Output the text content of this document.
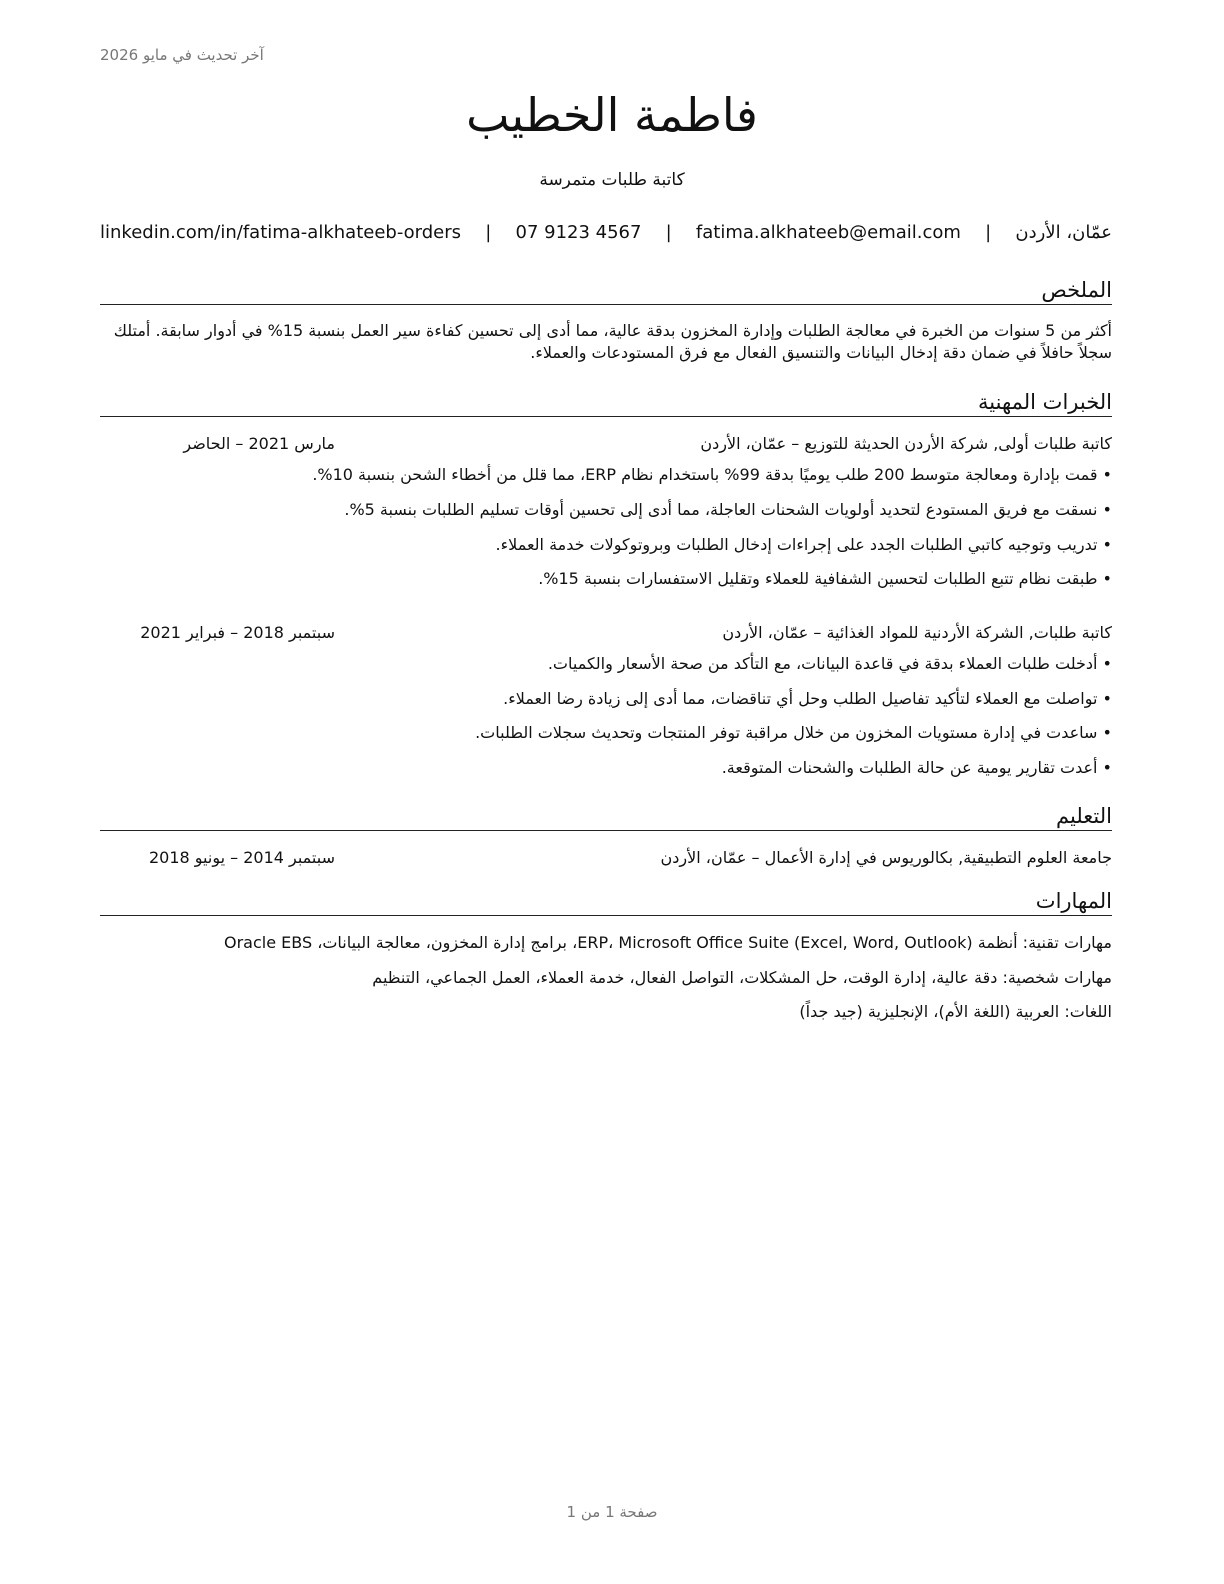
آخر تحديث في مايو 2026
فاطمة الخطيب
كاتبة طلبات متمرسة
عمّان، الأردن
|
fatima.alkhateeb@email.com
|
07 9123 4567
|
linkedin.com/in/fatima-alkhateeb-orders
الملخص
أكثر من 5 سنوات من الخبرة في معالجة الطلبات وإدارة المخزون بدقة عالية، مما أدى إلى تحسين كفاءة سير العمل بنسبة 15% في أدوار سابقة. أمتلك سجلاً حافلاً في ضمان دقة إدخال البيانات والتنسيق الفعال مع فرق المستودعات والعملاء.
الخبرات المهنية
كاتبة طلبات أولى, شركة الأردن الحديثة للتوزيع – عمّان، الأردن
مارس 2021 – الحاضر
• قمت بإدارة ومعالجة متوسط 200 طلب يوميًا بدقة 99% باستخدام نظام ERP، مما قلل من أخطاء الشحن بنسبة 10%.
• نسقت مع فريق المستودع لتحديد أولويات الشحنات العاجلة، مما أدى إلى تحسين أوقات تسليم الطلبات بنسبة 5%.
• تدريب وتوجيه كاتبي الطلبات الجدد على إجراءات إدخال الطلبات وبروتوكولات خدمة العملاء.
• طبقت نظام تتبع الطلبات لتحسين الشفافية للعملاء وتقليل الاستفسارات بنسبة 15%.
كاتبة طلبات, الشركة الأردنية للمواد الغذائية – عمّان، الأردن
سبتمبر 2018 – فبراير 2021
• أدخلت طلبات العملاء بدقة في قاعدة البيانات، مع التأكد من صحة الأسعار والكميات.
• تواصلت مع العملاء لتأكيد تفاصيل الطلب وحل أي تناقضات، مما أدى إلى زيادة رضا العملاء.
• ساعدت في إدارة مستويات المخزون من خلال مراقبة توفر المنتجات وتحديث سجلات الطلبات.
• أعدت تقارير يومية عن حالة الطلبات والشحنات المتوقعة.
التعليم
جامعة العلوم التطبيقية, بكالوريوس في إدارة الأعمال – عمّان، الأردن
سبتمبر 2014 – يونيو 2018
المهارات
مهارات تقنية: أنظمة ERP، Microsoft Office Suite (Excel, Word, Outlook)، برامج إدارة المخزون، معالجة البيانات، Oracle EBS
مهارات شخصية: دقة عالية، إدارة الوقت، حل المشكلات، التواصل الفعال، خدمة العملاء، العمل الجماعي، التنظيم
اللغات: العربية (اللغة الأم)، الإنجليزية (جيد جداً)
صفحة 1 من 1
